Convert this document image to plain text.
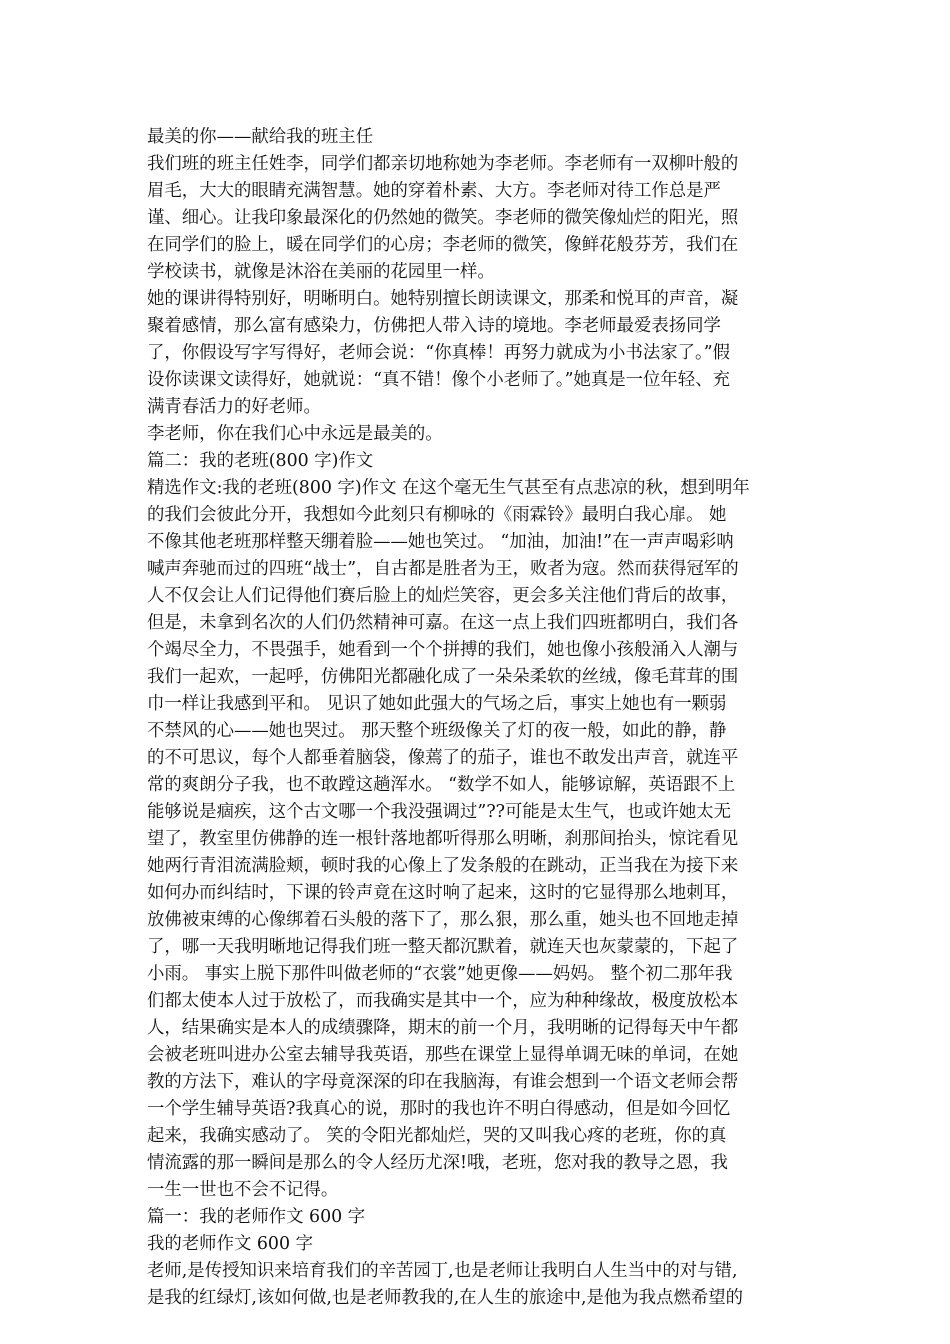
最美的你——献给我的班主任
我们班的班主任姓李，同学们都亲切地称她为李老师。李老师有一双柳叶般的
眉毛，大大的眼睛充满智慧。她的穿着朴素、大方。李老师对待工作总是严
谨、细心。让我印象最深化的仍然她的微笑。李老师的微笑像灿烂的阳光，照
在同学们的脸上，暖在同学们的心房；李老师的微笑，像鲜花般芬芳，我们在
学校读书，就像是沐浴在美丽的花园里一样。
她的课讲得特别好，明晰明白。她特别擅长朗读课文，那柔和悦耳的声音，凝
聚着感情，那么富有感染力，仿佛把人带入诗的境地。李老师最爱表扬同学
了，你假设写字写得好，老师会说：“你真棒！再努力就成为小书法家了。”假
设你读课文读得好，她就说：“真不错！像个小老师了。”她真是一位年轻、充
满青春活力的好老师。
李老师，你在我们心中永远是最美的。
篇二：我的老班(800 字)作文
精选作文:我的老班(800 字)作文 在这个毫无生气甚至有点悲凉的秋，想到明年
的我们会彼此分开，我想如今此刻只有柳咏的《雨霖铃》最明白我心扉。 她
不像其他老班那样整天绷着脸——她也笑过。 “加油，加油!”在一声声喝彩呐
喊声奔驰而过的四班“战士”，自古都是胜者为王，败者为寇。然而获得冠军的
人不仅会让人们记得他们赛后脸上的灿烂笑容，更会多关注他们背后的故事，
但是，未拿到名次的人们仍然精神可嘉。在这一点上我们四班都明白，我们各
个竭尽全力，不畏强手，她看到一个个拼搏的我们，她也像小孩般涌入人潮与
我们一起欢，一起呼，仿佛阳光都融化成了一朵朵柔软的丝绒，像毛茸茸的围
巾一样让我感到平和。 见识了她如此强大的气场之后，事实上她也有一颗弱
不禁风的心——她也哭过。 那天整个班级像关了灯的夜一般，如此的静，静
的不可思议，每个人都垂着脑袋，像蔫了的茄子，谁也不敢发出声音，就连平
常的爽朗分子我，也不敢蹚这趟浑水。 “数学不如人，能够谅解，英语跟不上
能够说是痼疾，这个古文哪一个我没强调过”??可能是太生气，也或许她太无
望了，教室里仿佛静的连一根针落地都听得那么明晰，刹那间抬头，惊诧看见
她两行青泪流满脸颊，顿时我的心像上了发条般的在跳动，正当我在为接下来
如何办而纠结时，下课的铃声竟在这时响了起来，这时的它显得那么地刺耳，
放佛被束缚的心像绑着石头般的落下了，那么狠，那么重，她头也不回地走掉
了，哪一天我明晰地记得我们班一整天都沉默着，就连天也灰蒙蒙的，下起了
小雨。 事实上脱下那件叫做老师的“衣裳”她更像——妈妈。 整个初二那年我
们都太使本人过于放松了，而我确实是其中一个，应为种种缘故，极度放松本
人，结果确实是本人的成绩骤降，期末的前一个月，我明晰的记得每天中午都
会被老班叫进办公室去辅导我英语，那些在课堂上显得单调无味的单词，在她
教的方法下，难认的字母竟深深的印在我脑海，有谁会想到一个语文老师会帮
一个学生辅导英语?我真心的说，那时的我也许不明白得感动，但是如今回忆
起来，我确实感动了。 笑的令阳光都灿烂，哭的又叫我心疼的老班，你的真
情流露的那一瞬间是那么的令人经历尤深!哦，老班，您对我的教导之恩，我
一生一世也不会不记得。
篇一：我的老师作文 600 字
我的老师作文 600 字
老师,是传授知识来培育我们的辛苦园丁,也是老师让我明白人生当中的对与错,
是我的红绿灯,该如何做,也是老师教我的,在人生的旅途中,是他为我点燃希望的
